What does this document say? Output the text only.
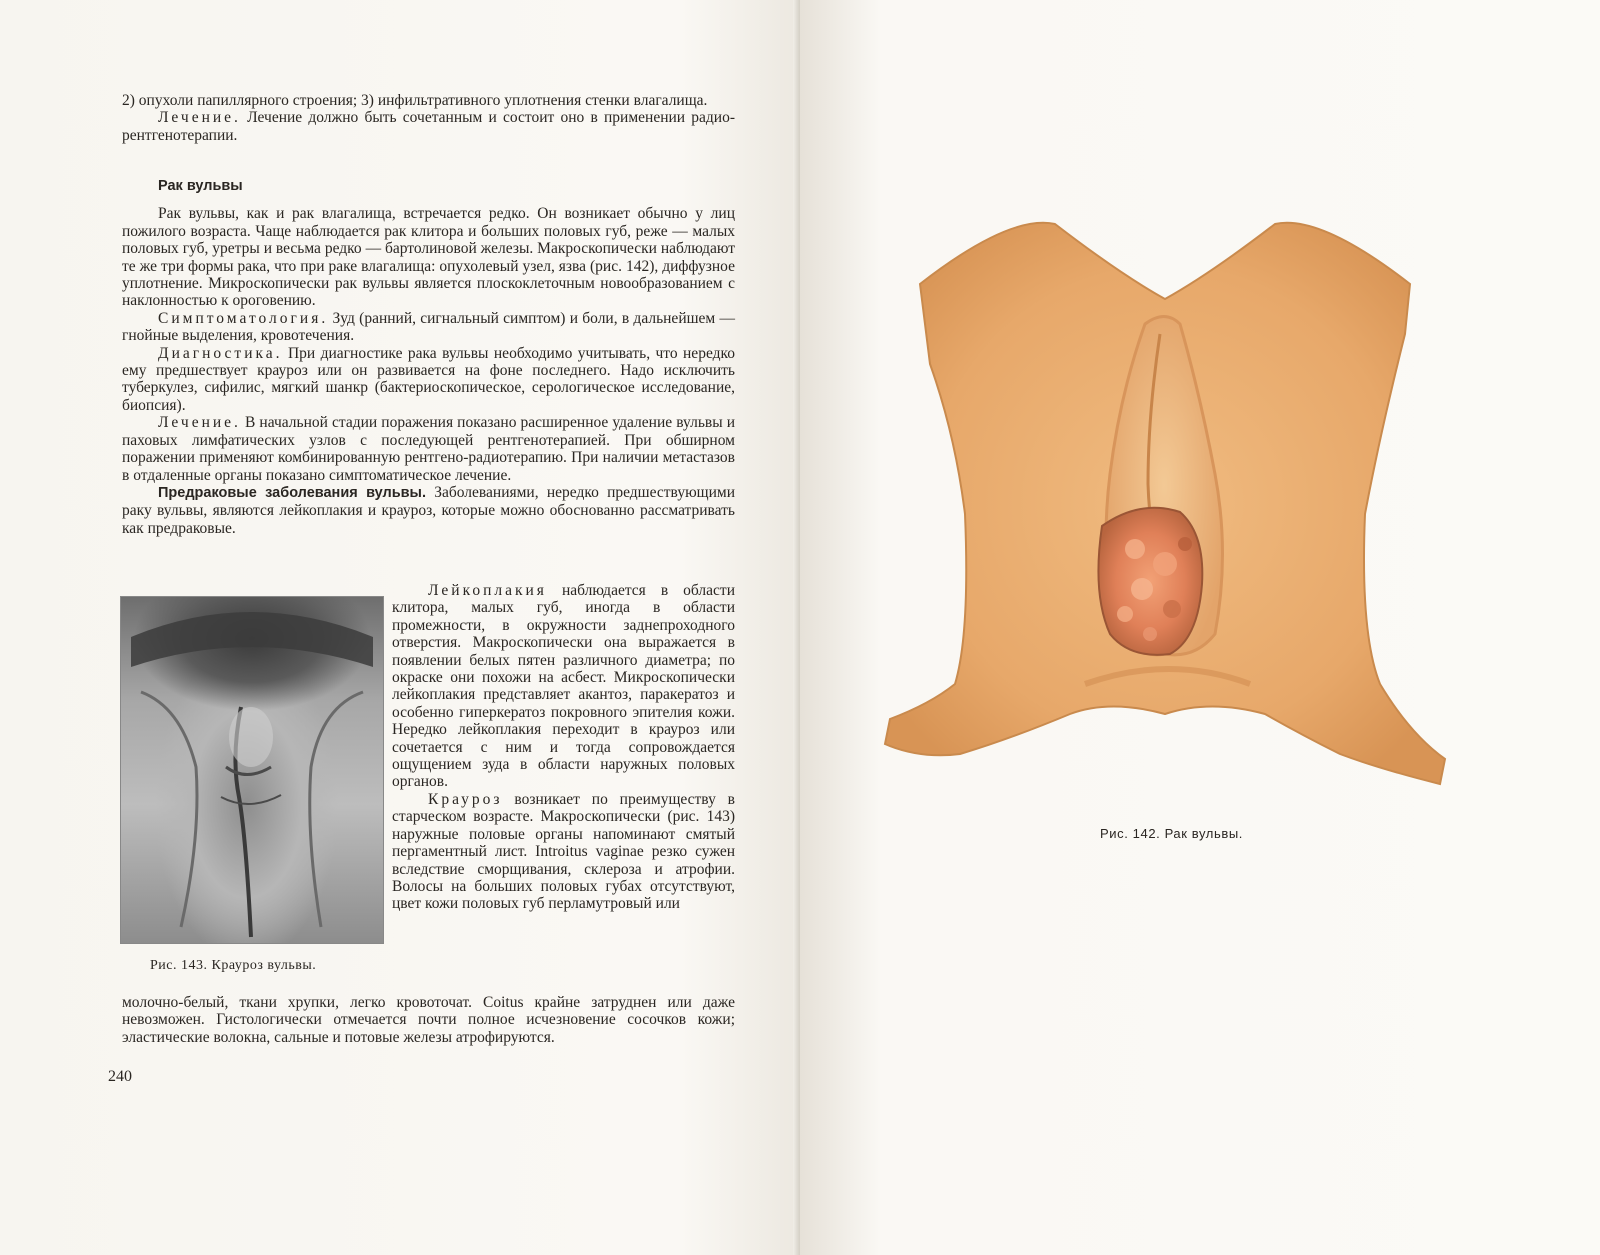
2) опухоли папиллярного строения; 3) инфильтративного уплотнения стенки влагалища.

Лечение. Лечение должно быть сочетанным и состоит оно в применении радио-рентгенотерапии.

Рак вульвы

Рак вульвы, как и рак влагалища, встречается редко. Он возникает обычно у лиц пожилого возраста. Чаще наблюдается рак клитора и больших половых губ, реже — малых половых губ, уретры и весьма редко — бартолиновой железы. Макроскопически наблюдают те же три формы рака, что при раке влагалища: опухолевый узел, язва (рис. 142), диффузное уплотнение. Микроскопически рак вульвы является плоскоклеточным новообразованием с наклонностью к ороговению.

Симптоматология. Зуд (ранний, сигнальный симптом) и боли, в дальнейшем — гнойные выделения, кровотечения.

Диагностика. При диагностике рака вульвы необходимо учитывать, что нередко ему предшествует крауроз или он развивается на фоне последнего. Надо исключить туберкулез, сифилис, мягкий шанкр (бактериоскопическое, серологическое исследование, биопсия).

Лечение. В начальной стадии поражения показано расширенное удаление вульвы и паховых лимфатических узлов с последующей рентгенотерапией. При обширном поражении применяют комбинированную рентгено-радиотерапию. При наличии метастазов в отдаленные органы показано симптоматическое лечение.

Предраковые заболевания вульвы. Заболеваниями, нередко предшествующими раку вульвы, являются лейкоплакия и крауроз, которые можно обоснованно рассматривать как предраковые.

Рис. 143. Крауроз вульвы.

Лейкоплакия наблюдается в области клитора, малых губ, иногда в области промежности, в окружности заднепроходного отверстия. Макроскопически она выражается в появлении белых пятен различного диаметра; по окраске они похожи на асбест. Микроскопически лейкоплакия представляет акантоз, паракератоз и особенно гиперкератоз покровного эпителия кожи. Нередко лейкоплакия переходит в крауроз или сочетается с ним и тогда сопровождается ощущением зуда в области наружных половых органов.

Крауроз возникает по преимуществу в старческом возрасте. Макроскопически (рис. 143) наружные половые органы напоминают смятый пергаментный лист. Introitus vaginae резко сужен вследствие сморщивания, склероза и атрофии. Волосы на больших половых губах отсутствуют, цвет кожи половых губ перламутровый или

молочно-белый, ткани хрупки, легко кровоточат. Coitus крайне затруднен или даже невозможен. Гистологически отмечается почти полное исчезновение сосочков кожи; эластические волокна, сальные и потовые железы атрофируются.

240
Рис. 142. Рак вульвы.
